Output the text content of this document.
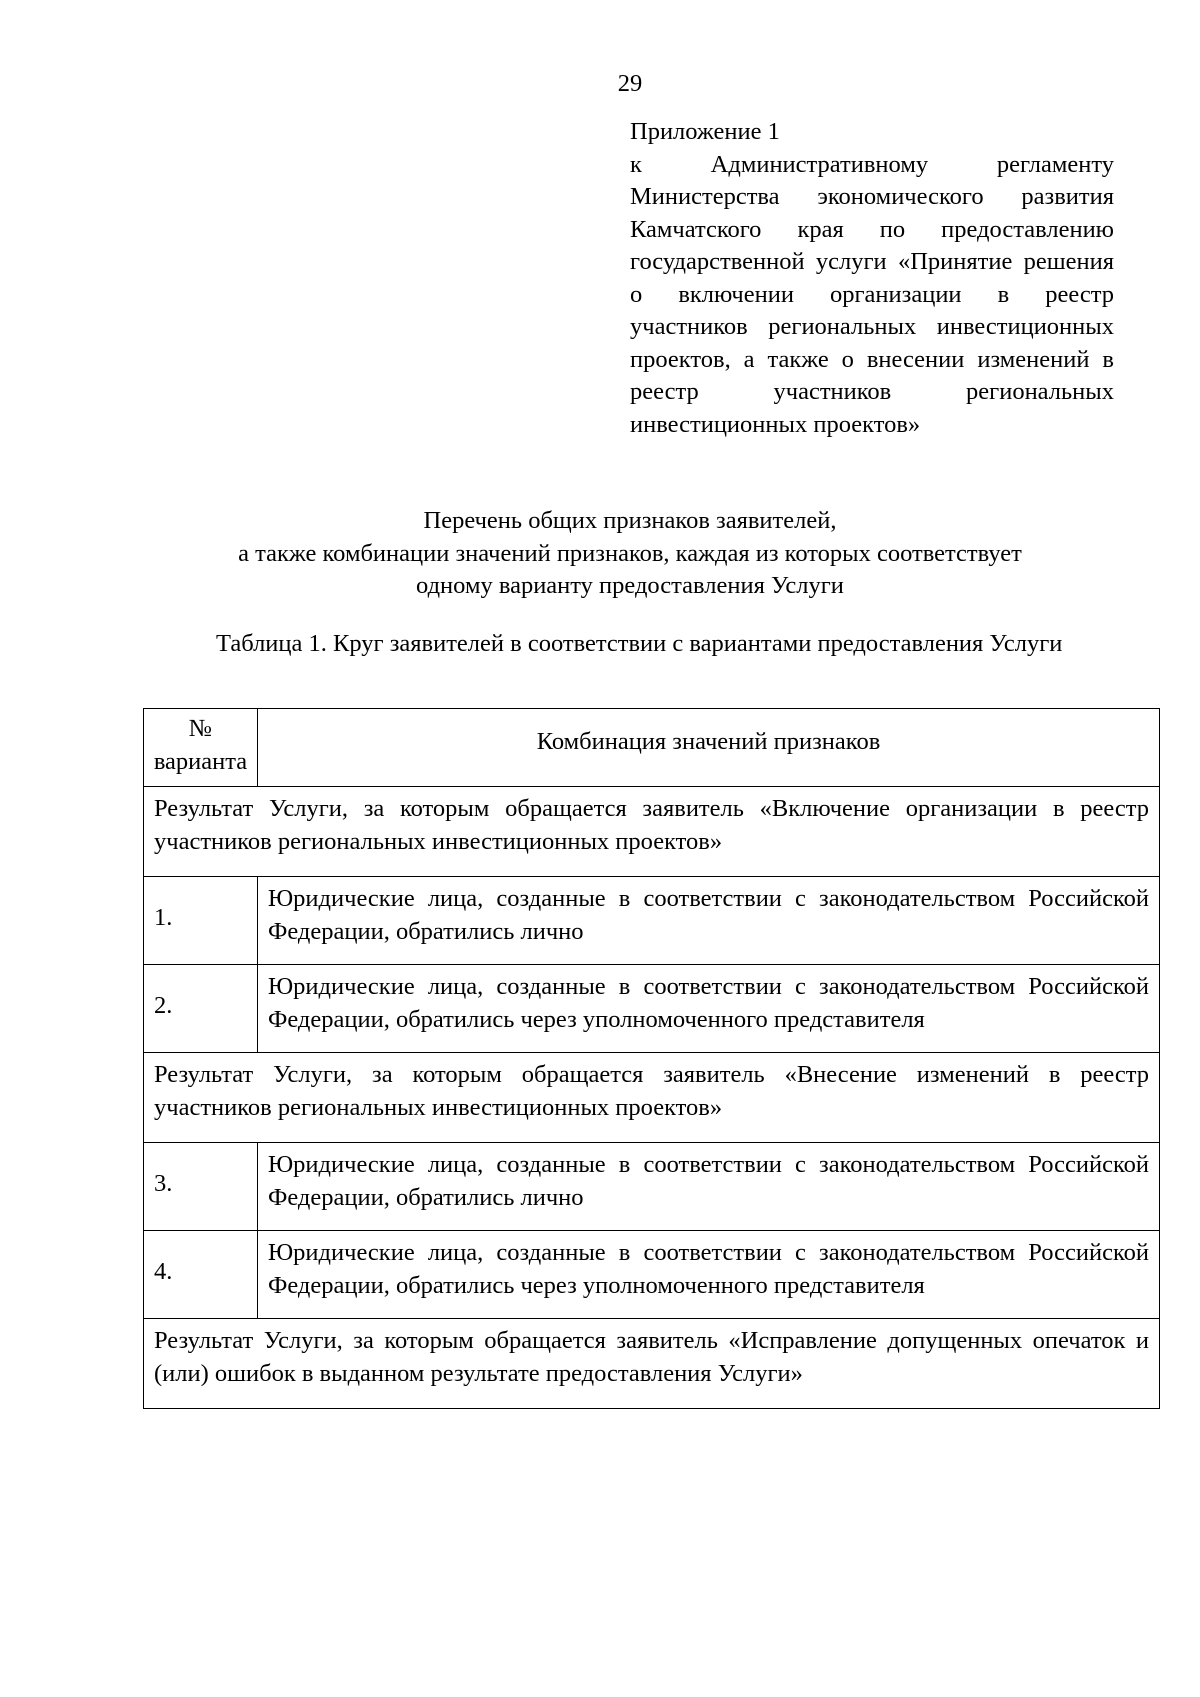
29
Приложение 1
к Административному регламенту Министерства экономического развития Камчатского края по предоставлению государственной услуги «Принятие решения о включении организации в реестр участников региональных инвестиционных проектов, а также о внесении изменений в реестр участников региональных инвестиционных проектов»
Перечень общих признаков заявителей,
а также комбинации значений признаков, каждая из которых соответствует
одному варианту предоставления Услуги
Таблица 1. Круг заявителей в соответствии с вариантами предоставления Услуги
№ варианта	Комбинация значений признаков
Результат Услуги, за которым обращается заявитель «Включение организации в реестр участников региональных инвестиционных проектов»	
1.	Юридические лица, созданные в соответствии с законодательством Российской Федерации, обратились лично
2.	Юридические лица, созданные в соответствии с законодательством Российской Федерации, обратились через уполномоченного представителя
Результат Услуги, за которым обращается заявитель «Внесение изменений в реестр участников региональных инвестиционных проектов»	
3.	Юридические лица, созданные в соответствии с законодательством Российской Федерации, обратились лично
4.	Юридические лица, созданные в соответствии с законодательством Российской Федерации, обратились через уполномоченного представителя
Результат Услуги, за которым обращается заявитель «Исправление допущенных опечаток и (или) ошибок в выданном результате предоставления Услуги»	
